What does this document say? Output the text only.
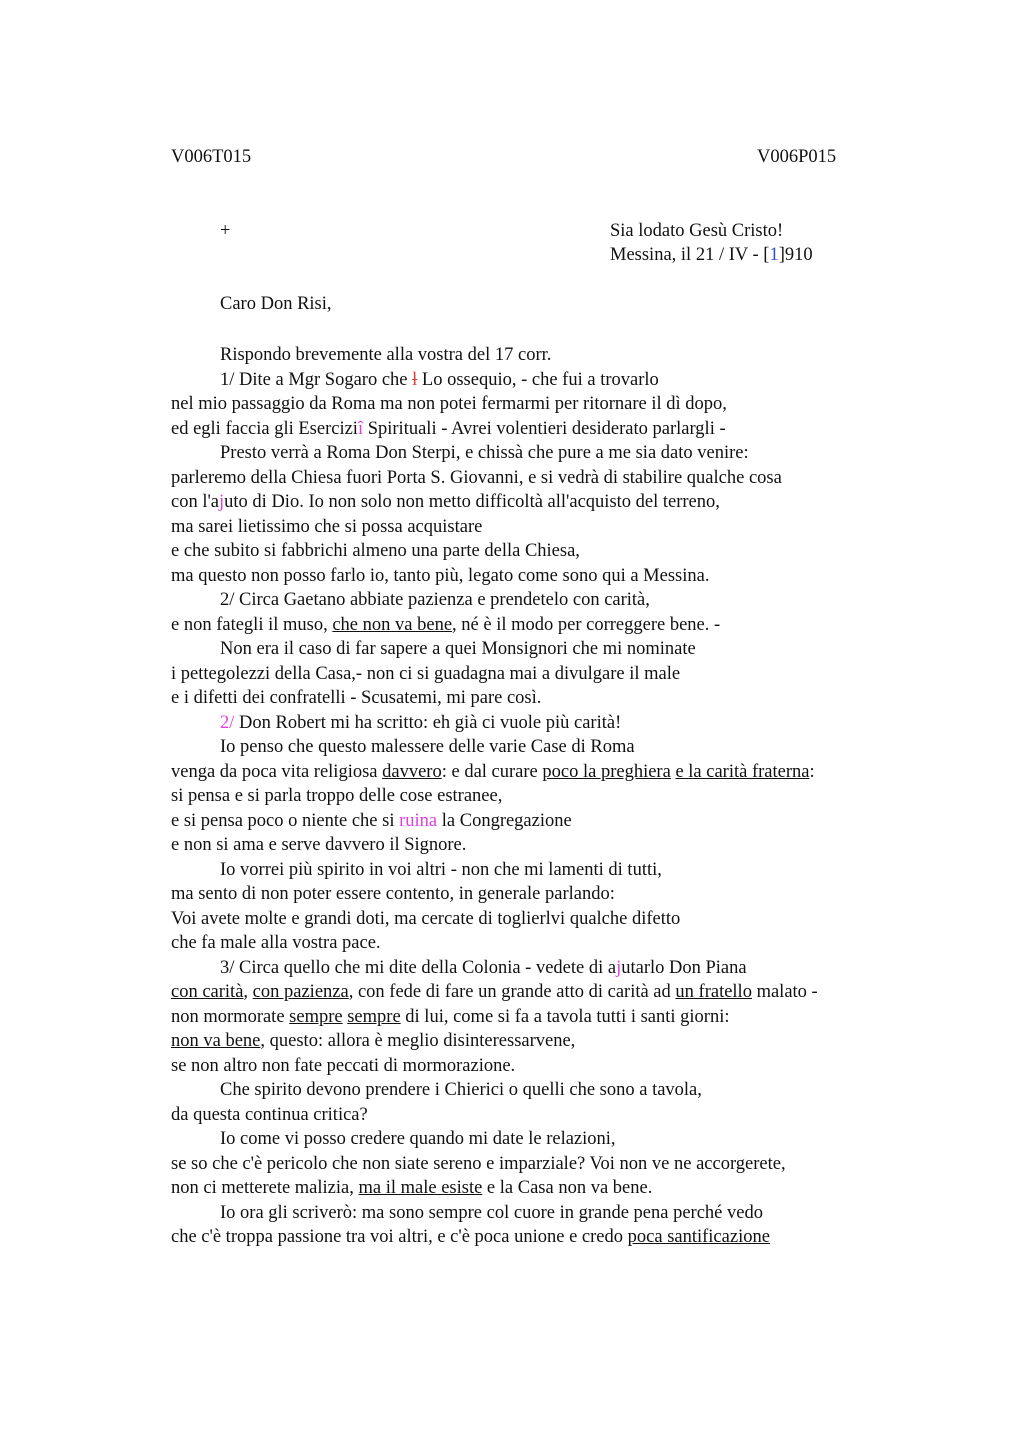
V006T015	V006P015
+	Sia lodato Gesù Cristo!
Messina, il 21 / IV - [1]910
Caro Don Risi,
Rispondo brevemente alla vostra del 17 corr.
1/ Dite a Mgr Sogaro che l Lo ossequio, - che fui a trovarlo
nel mio passaggio da Roma ma non potei fermarmi per ritornare il dì dopo,
ed egli faccia gli Eserciziî Spirituali - Avrei volentieri desiderato parlargli -
Presto verrà a Roma Don Sterpi, e chissà che pure a me sia dato venire:
parleremo della Chiesa fuori Porta S. Giovanni, e si vedrà di stabilire qualche cosa
con l'ajuto di Dio. Io non solo non metto difficoltà all'acquisto del terreno,
ma sarei lietissimo che si possa acquistare
e che subito si fabbrichi almeno una parte della Chiesa,
ma questo non posso farlo io, tanto più, legato come sono qui a Messina.
2/ Circa Gaetano abbiate pazienza e prendetelo con carità,
e non fategli il muso, che non va bene, né è il modo per correggere bene. -
Non era il caso di far sapere a quei Monsignori che mi nominate
i pettegolezzi della Casa,- non ci si guadagna mai a divulgare il male
e i difetti dei confratelli - Scusatemi, mi pare così.
2/ Don Robert mi ha scritto: eh già ci vuole più carità!
Io penso che questo malessere delle varie Case di Roma
venga da poca vita religiosa davvero: e dal curare poco la preghiera e la carità fraterna:
si pensa e si parla troppo delle cose estranee,
e si pensa poco o niente che si ruina la Congregazione
e non si ama e serve davvero il Signore.
Io vorrei più spirito in voi altri - non che mi lamenti di tutti,
ma sento di non poter essere contento, in generale parlando:
Voi avete molte e grandi doti, ma cercate di toglierlvi qualche difetto
che fa male alla vostra pace.
3/ Circa quello che mi dite della Colonia - vedete di ajutarlo Don Piana
con carità, con pazienza, con fede di fare un grande atto di carità ad un fratello malato -
non mormorate sempre sempre di lui, come si fa a tavola tutti i santi giorni:
non va bene, questo: allora è meglio disinteressarvene,
se non altro non fate peccati di mormorazione.
Che spirito devono prendere i Chierici o quelli che sono a tavola,
da questa continua critica?
Io come vi posso credere quando mi date le relazioni,
se so che c'è pericolo che non siate sereno e imparziale? Voi non ve ne accorgerete,
non ci metterete malizia, ma il male esiste e la Casa non va bene.
Io ora gli scriverò: ma sono sempre col cuore in grande pena perché vedo
che c'è troppa passione tra voi altri, e c'è poca unione e credo poca santificazione
